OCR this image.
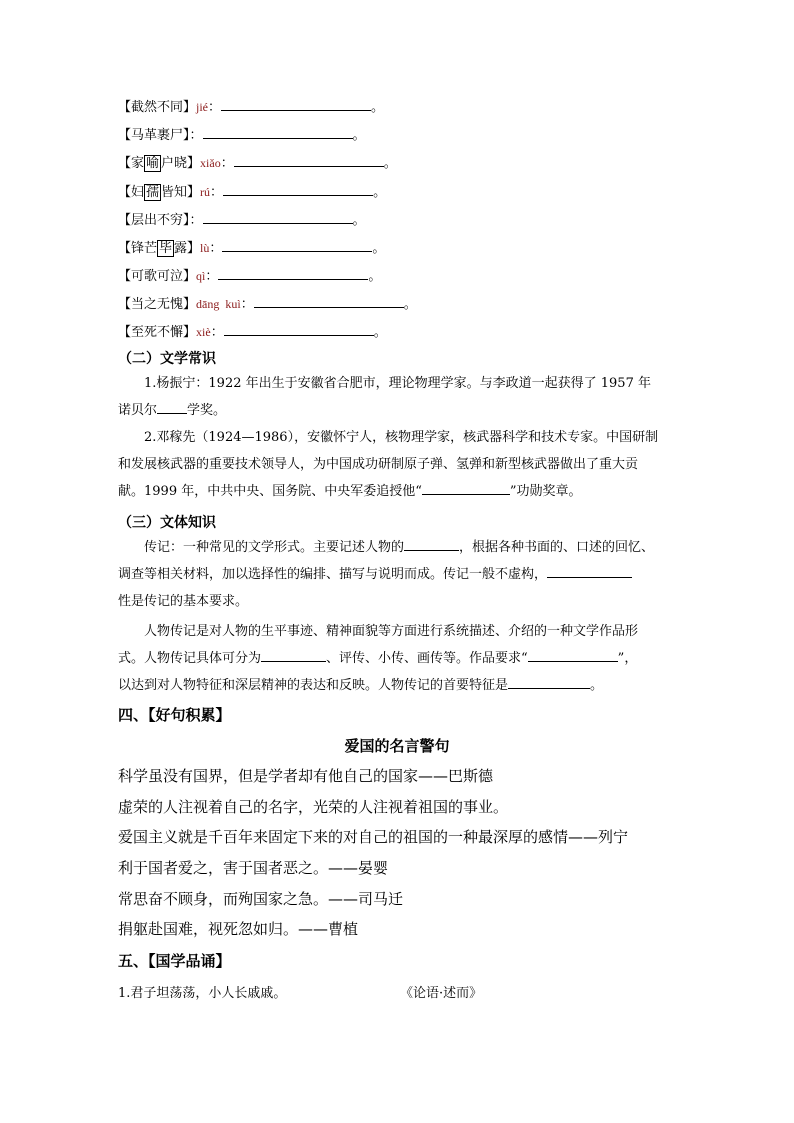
【截然不同】jié：	。
【马革裹尸】：	。
【家 喻 户晓】xiǎo：	。
【妇 孺 皆知】rú：	。
【层出不穷】：	。
【锋芒 毕 露】lù：	。
【可歌可泣】qì：	。
【当之无愧】dāng  kuì：	。
【至死不懈】xiè：	。
（二）文学常识

1.杨振宁：1922 年出生于安徽省合肥市，理论物理学家。与李政道一起获得了 1957 年

诺贝尔 学奖。

2.邓稼先（1924—1986），安徽怀宁人，核物理学家，核武器科学和技术专家。中国研制

和发展核武器的重要技术领导人，为中国成功研制原子弹、氢弹和新型核武器做出了重大贡

献。1999 年，中共中央、国务院、中央军委追授他“	”功勋奖章。

（三）文体知识

传记：一种常见的文学形式。主要记述人物的	，根据各种书面的、口述的回忆、

调查等相关材料，加以选择性的编排、描写与说明而成。传记一般不虚构，

性是传记的基本要求。

人物传记是对人物的生平事迹、精神面貌等方面进行系统描述、介绍的一种文学作品形

式。人物传记具体可分为	、评传、小传、画传等。作品要求“	”，

以达到对人物特征和深层精神的表达和反映。人物传记的首要特征是	。

四、【好句积累】
爱国的名言警句
科学虽没有国界，但是学者却有他自己的国家——巴斯德
虚荣的人注视着自己的名字，光荣的人注视着祖国的事业。
爱国主义就是千百年来固定下来的对自己的祖国的一种最深厚的感情——列宁
利于国者爱之，害于国者恶之。——晏婴
常思奋不顾身，而殉国家之急。——司马迁
捐躯赴国难，视死忽如归。——曹植
五、【国学品诵】
1.君子坦荡荡，小人长戚戚。	《论语·述而》
